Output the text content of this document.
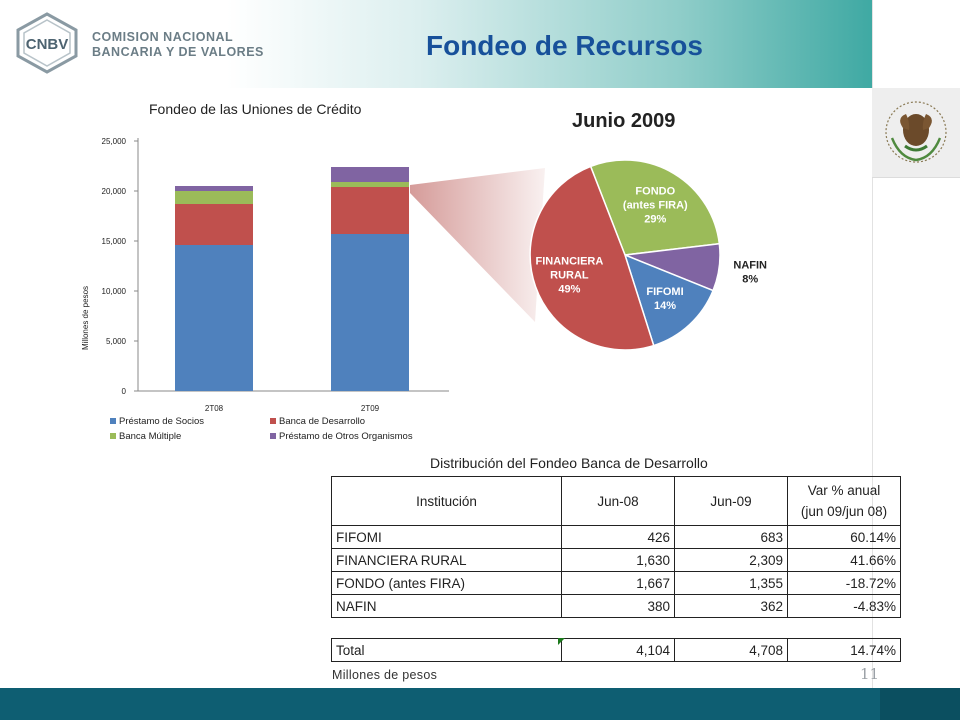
CNBV COMISION NACIONAL
BANCARIA Y DE VALORES	Fondeo de Recursos
Fondeo de las Uniones de Crédito
0
5,000
10,000
15,000
20,000
25,000
Millones de pesos
2T08	2T09
Préstamo de Socios	Banca de Desarrollo
Banca Múltiple	Préstamo de Otros Organismos
Junio 2009
FONDO
(antes FIRA)
29%
NAFIN
8%
FIFOMI
14%
FINANCIERA
RURAL
49%
Distribución del Fondeo Banca de Desarrollo
Institución	Jun-08	Jun-09	Var % anual
(jun 09/jun 08)

FIFOMI	426	683	60.14%
FINANCIERA RURAL	1,630	2,309	41.66%
FONDO (antes FIRA)	1,667	1,355	-18.72%
NAFIN	380	362	-4.83%
Total	4,104	4,708	14.74%
Millones de pesos	11
